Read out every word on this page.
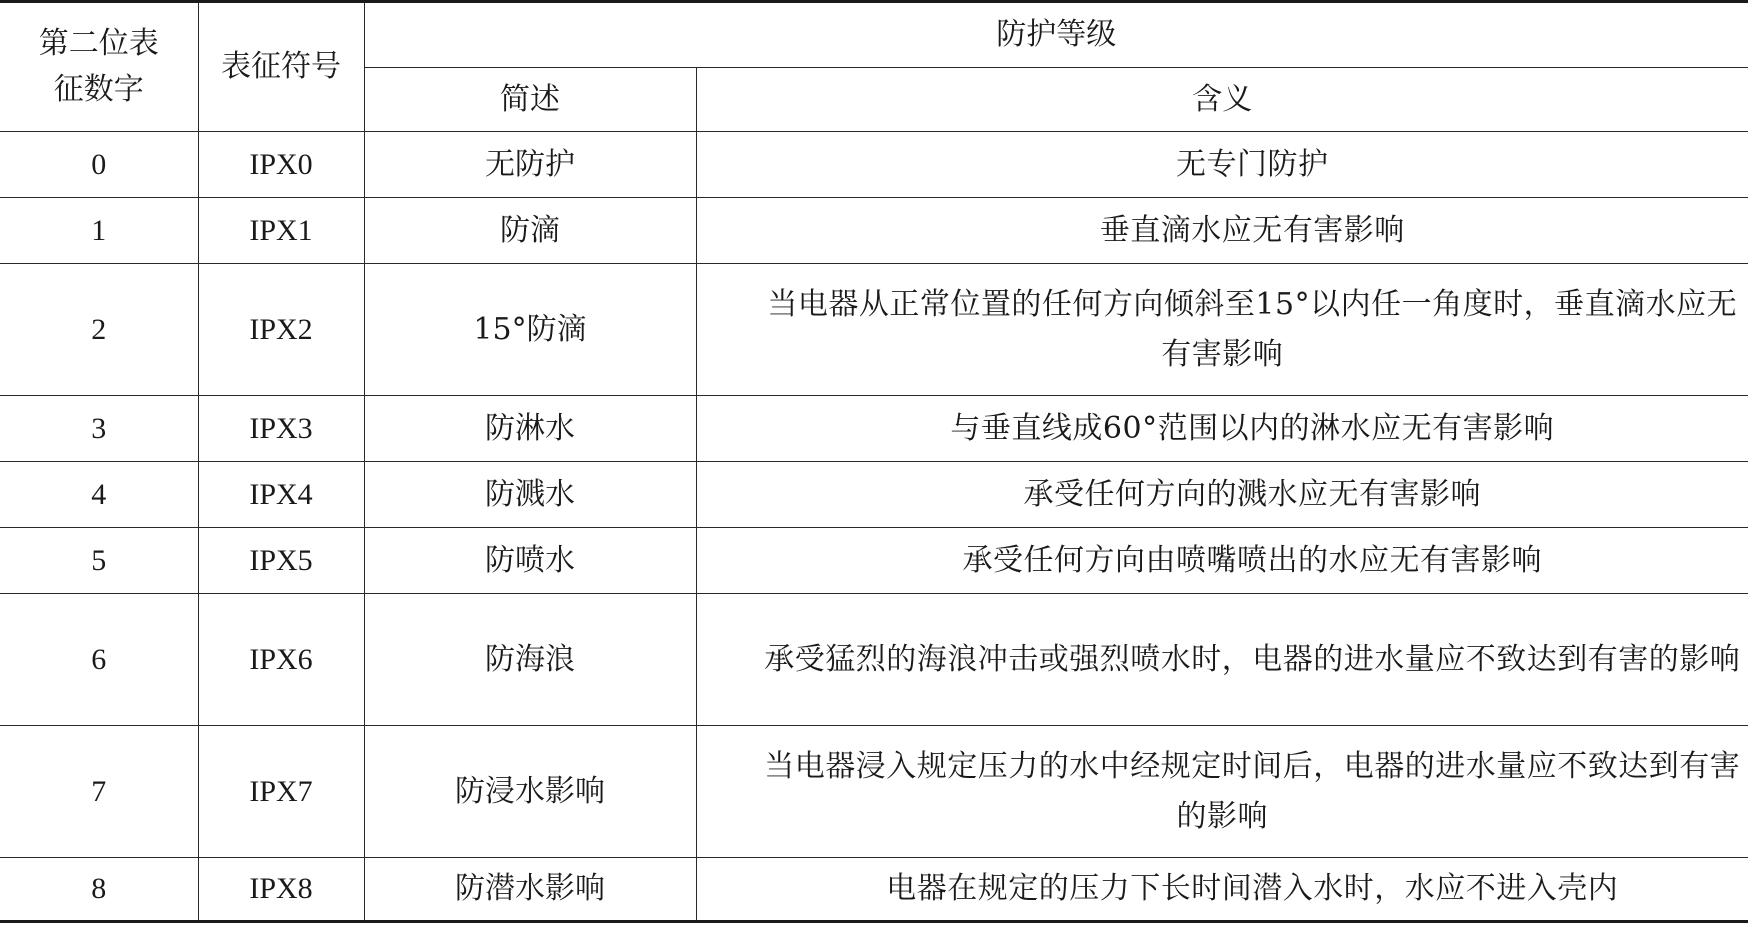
第二位表
征数字	表征符号	防护等级	
		简述	含义
0	IPX0	无防护	无专门防护
1	IPX1	防滴	垂直滴水应无有害影响
2	IPX2	15°防滴	当电器从正常位置的任何方向倾斜至15°以内任一角度时，垂直滴水应无有害影响
3	IPX3	防淋水	与垂直线成60°范围以内的淋水应无有害影响
4	IPX4	防溅水	承受任何方向的溅水应无有害影响
5	IPX5	防喷水	承受任何方向由喷嘴喷出的水应无有害影响
6	IPX6	防海浪	承受猛烈的海浪冲击或强烈喷水时，电器的进水量应不致达到有害的影响
7	IPX7	防浸水影响	当电器浸入规定压力的水中经规定时间后，电器的进水量应不致达到有害的影响
8	IPX8	防潜水影响	电器在规定的压力下长时间潜入水时，水应不进入壳内
